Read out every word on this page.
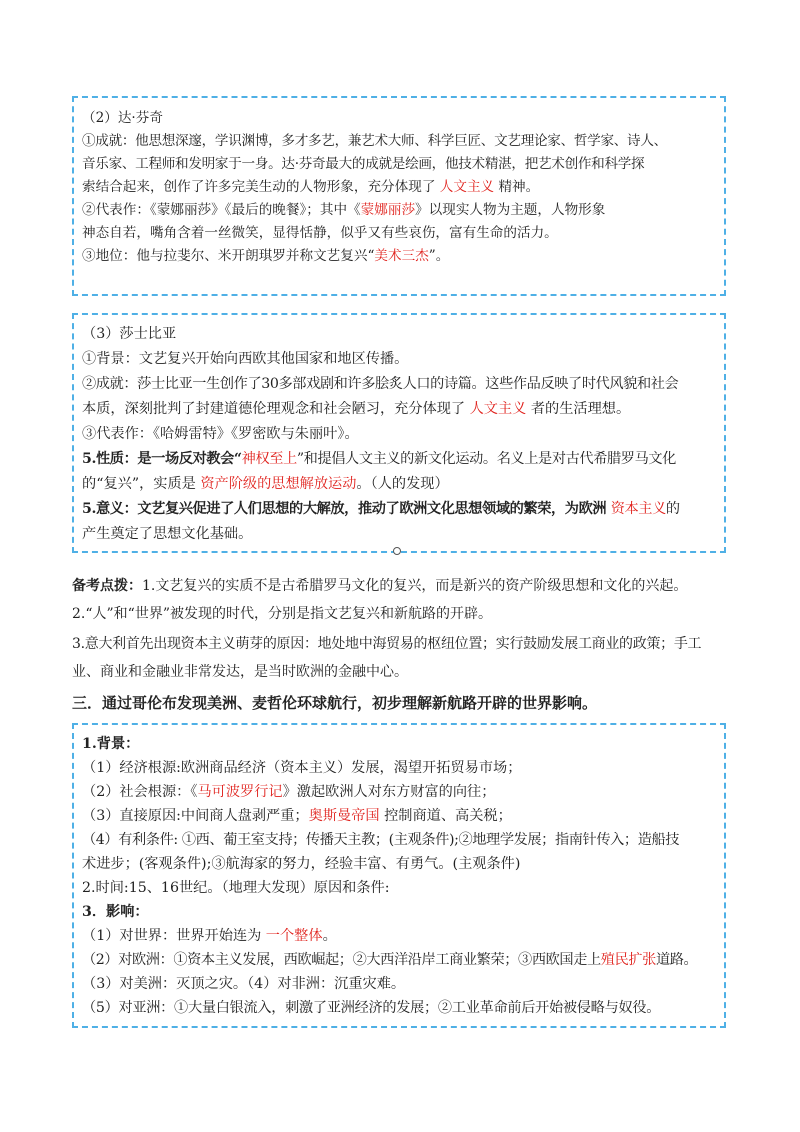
（2）达·芬奇
①成就：他思想深邃，学识渊博，多才多艺，兼艺术大师、科学巨匠、文艺理论家、哲学家、诗人、
音乐家、工程师和发明家于一身。达·芬奇最大的成就是绘画，他技术精湛，把艺术创作和科学探
索结合起来，创作了许多完美生动的人物形象，充分体现了 人文主义 精神。
②代表作：《蒙娜丽莎》《最后的晚餐》；其中《蒙娜丽莎》以现实人物为主题，人物形象
神态自若，嘴角含着一丝微笑，显得恬静，似乎又有些哀伤，富有生命的活力。
③地位：他与拉斐尔、米开朗琪罗并称文艺复兴“美术三杰”。
（3）莎士比亚
①背景：文艺复兴开始向西欧其他国家和地区传播。
②成就：莎士比亚一生创作了30多部戏剧和许多脍炙人口的诗篇。这些作品反映了时代风貌和社会
本质，深刻批判了封建道德伦理观念和社会陋习，充分体现了 人文主义 者的生活理想。
③代表作：《哈姆雷特》《罗密欧与朱丽叶》。
5.性质：是一场反对教会“神权至上”和提倡人文主义的新文化运动。名义上是对古代希腊罗马文化
的“复兴”，实质是 资产阶级的思想解放运动。（人的发现）
5.意义：文艺复兴促进了人们思想的大解放，推动了欧洲文化思想领域的繁荣，为欧洲 资本主义的
产生奠定了思想文化基础。
备考点拨：1.文艺复兴的实质不是古希腊罗马文化的复兴，而是新兴的资产阶级思想和文化的兴起。
2.“人”和“世界”被发现的时代，分别是指文艺复兴和新航路的开辟。
3.意大利首先出现资本主义萌芽的原因：地处地中海贸易的枢纽位置；实行鼓励发展工商业的政策；手工
业、商业和金融业非常发达，是当时欧洲的金融中心。
三．通过哥伦布发现美洲、麦哲伦环球航行，初步理解新航路开辟的世界影响。
1.背景：
（1）经济根源:欧洲商品经济（资本主义）发展，渴望开拓贸易市场；
（2）社会根源：《马可波罗行记》激起欧洲人对东方财富的向往；
（3）直接原因:中间商人盘剥严重；奥斯曼帝国 控制商道、高关税；
（4）有利条件: ①西、葡王室支持；传播天主教；(主观条件);②地理学发展；指南针传入；造船技
术进步；(客观条件);③航海家的努力，经验丰富、有勇气。(主观条件)
2.时间:15、16世纪。（地理大发现）原因和条件:
3．影响：
（1）对世界：世界开始连为 一个整体。
（2）对欧洲：①资本主义发展，西欧崛起；②大西洋沿岸工商业繁荣；③西欧国走上殖民扩张道路。
（3）对美洲：灭顶之灾。（4）对非洲：沉重灾难。
（5）对亚洲：①大量白银流入，刺激了亚洲经济的发展；②工业革命前后开始被侵略与奴役。
